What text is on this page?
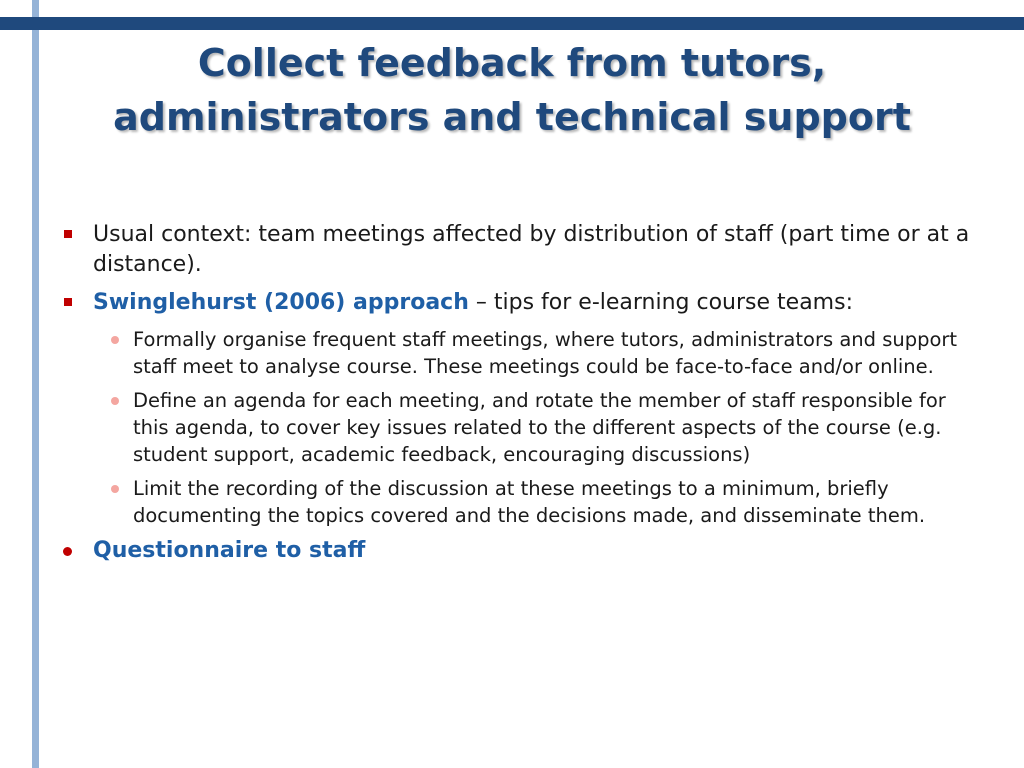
Collect feedback from tutors,
administrators and technical support
Usual context: team meetings affected by distribution of staff (part time or at a distance).
Swinglehurst (2006) approach – tips for e-learning course teams:
Formally organise frequent staff meetings, where tutors, administrators and support staff meet to analyse course. These meetings could be face-to-face and/or online.
Define an agenda for each meeting, and rotate the member of staff responsible for this agenda, to cover key issues related to the different aspects of the course (e.g. student support, academic feedback, encouraging discussions)
Limit the recording of the discussion at these meetings to a minimum, briefly documenting the topics covered and the decisions made, and disseminate them.
Questionnaire to staff
